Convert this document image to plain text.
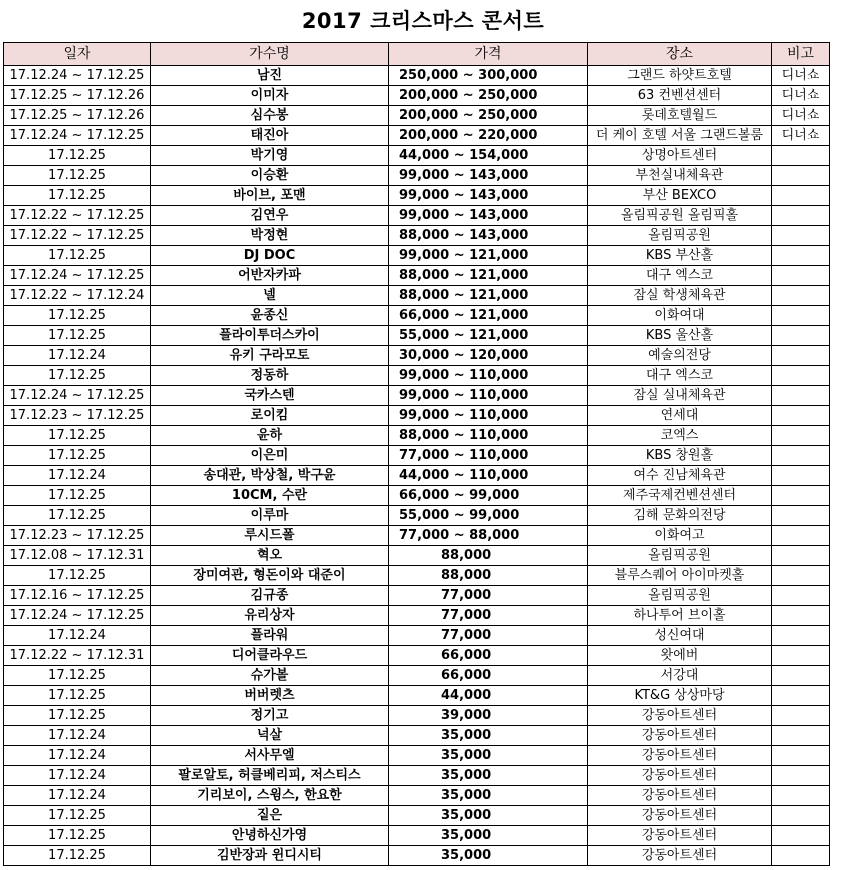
2017 크리스마스 콘서트
일자	가수명	가격	장소	비고
17.12.24 ~ 17.12.25	남진	250,000 ~ 300,000	그랜드 하얏트호텔	디너쇼
17.12.25 ~ 17.12.26	이미자	200,000 ~ 250,000	63 컨벤션센터	디너쇼
17.12.25 ~ 17.12.26	심수봉	200,000 ~ 250,000	롯데호텔월드	디너쇼
17.12.24 ~ 17.12.25	태진아	200,000 ~ 220,000	더 케이 호텔 서울 그랜드볼룸	디너쇼
17.12.25	박기영	44,000 ~ 154,000	상명아트센터	
17.12.25	이승환	99,000 ~ 143,000	부천실내체육관	
17.12.25	바이브, 포맨	99,000 ~ 143,000	부산 BEXCO	
17.12.22 ~ 17.12.25	김연우	99,000 ~ 143,000	올림픽공원 올림픽홀	
17.12.22 ~ 17.12.25	박정현	88,000 ~ 143,000	올림픽공원	
17.12.25	DJ DOC	99,000 ~ 121,000	KBS 부산홀	
17.12.24 ~ 17.12.25	어반자카파	88,000 ~ 121,000	대구 엑스코	
17.12.22 ~ 17.12.24	넬	88,000 ~ 121,000	잠실 학생체육관	
17.12.25	윤종신	66,000 ~ 121,000	이화여대	
17.12.25	플라이투더스카이	55,000 ~ 121,000	KBS 울산홀	
17.12.24	유키 구라모토	30,000 ~ 120,000	예술의전당	
17.12.25	정동하	99,000 ~ 110,000	대구 엑스코	
17.12.24 ~ 17.12.25	국카스텐	99,000 ~ 110,000	잠실 실내체육관	
17.12.23 ~ 17.12.25	로이킴	99,000 ~ 110,000	연세대	
17.12.25	윤하	88,000 ~ 110,000	코엑스	
17.12.25	이은미	77,000 ~ 110,000	KBS 창원홀	
17.12.24	송대관, 박상철, 박구윤	44,000 ~ 110,000	여수 진남체육관	
17.12.25	10CM, 수란	66,000 ~ 99,000	제주국제컨벤션센터	
17.12.25	이루마	55,000 ~ 99,000	김해 문화의전당	
17.12.23 ~ 17.12.25	루시드폴	77,000 ~ 88,000	이화여고	
17.12.08 ~ 17.12.31	혁오	88,000	올림픽공원	
17.12.25	장미여관, 형돈이와 대준이	88,000	블루스퀘어 아이마켓홀	
17.12.16 ~ 17.12.25	김규종	77,000	올림픽공원	
17.12.24 ~ 17.12.25	유리상자	77,000	하나투어 브이홀	
17.12.24	플라워	77,000	성신여대	
17.12.22 ~ 17.12.31	디어클라우드	66,000	왓에버	
17.12.25	슈가볼	66,000	서강대	
17.12.25	버버렛츠	44,000	KT&G 상상마당	
17.12.25	정기고	39,000	강동아트센터	
17.12.24	넉살	35,000	강동아트센터	
17.12.24	서사무엘	35,000	강동아트센터	
17.12.24	팔로알토, 허클베리피, 저스티스	35,000	강동아트센터	
17.12.24	기리보이, 스윙스, 한요한	35,000	강동아트센터	
17.12.25	짙은	35,000	강동아트센터	
17.12.25	안녕하신가영	35,000	강동아트센터	
17.12.25	김반장과 윈디시티	35,000	강동아트센터	
